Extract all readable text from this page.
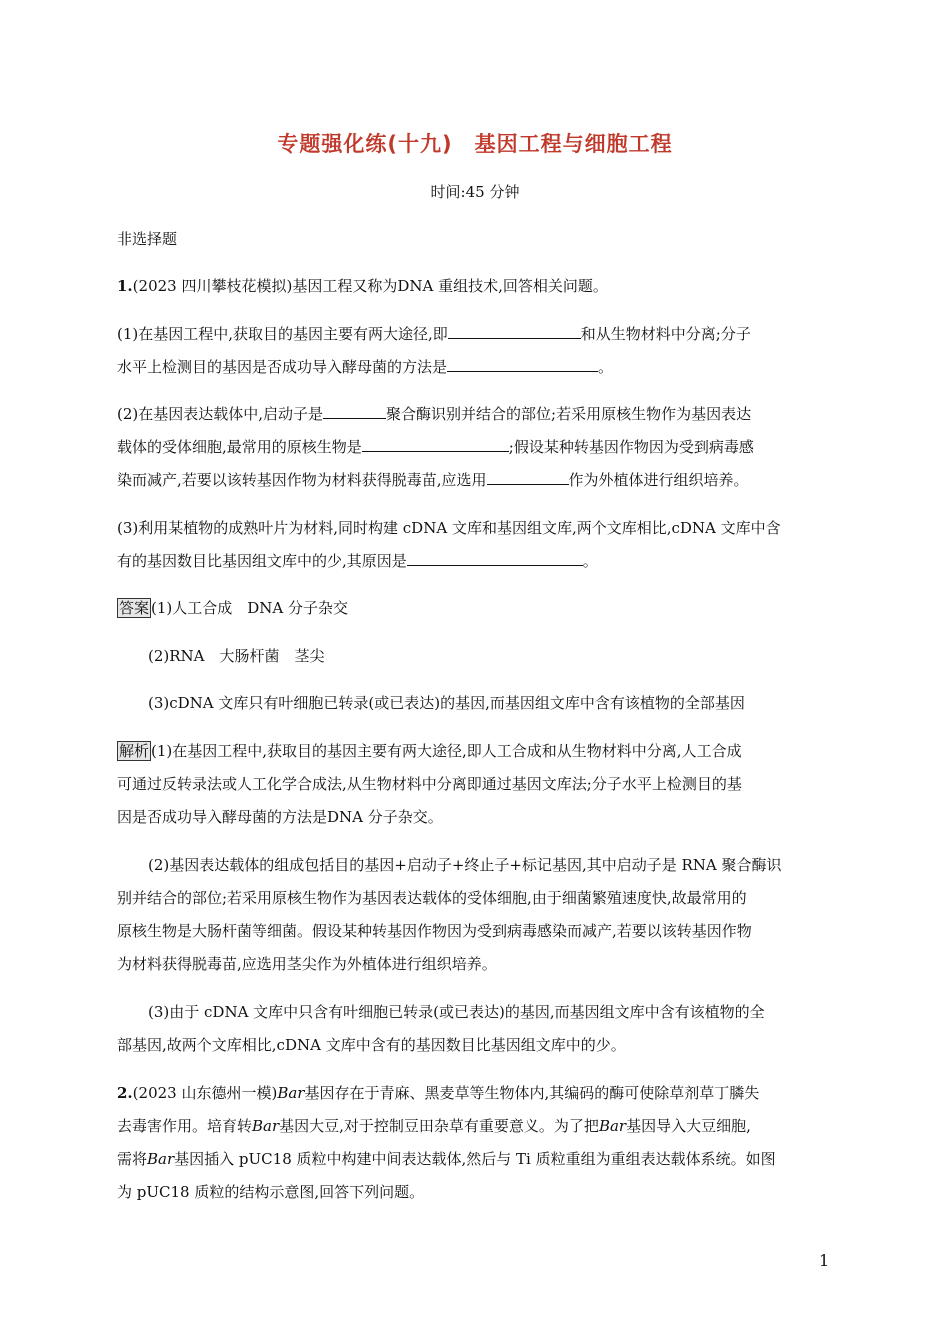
专题强化练(十九)　基因工程与细胞工程
时间:45 分钟
非选择题
1.(2023 四川攀枝花模拟)基因工程又称为DNA 重组技术,回答相关问题。
(1)在基因工程中,获取目的基因主要有两大途径,即	和从生物材料中分离;分子
水平上检测目的基因是否成功导入酵母菌的方法是	。
(2)在基因表达载体中,启动子是	聚合酶识别并结合的部位;若采用原核生物作为基因表达
载体的受体细胞,最常用的原核生物是	;假设某种转基因作物因为受到病毒感
染而减产,若要以该转基因作物为材料获得脱毒苗,应选用	作为外植体进行组织培养。
(3)利用某植物的成熟叶片为材料,同时构建 cDNA 文库和基因组文库,两个文库相比,cDNA 文库中含
有的基因数目比基因组文库中的少,其原因是	。
答案 (1)人工合成　DNA 分子杂交
(2)RNA　大肠杆菌　茎尖
(3)cDNA 文库只有叶细胞已转录(或已表达)的基因,而基因组文库中含有该植物的全部基因
解析 (1)在基因工程中,获取目的基因主要有两大途径,即人工合成和从生物材料中分离,人工合成
可通过反转录法或人工化学合成法,从生物材料中分离即通过基因文库法;分子水平上检测目的基
因是否成功导入酵母菌的方法是DNA 分子杂交。
(2)基因表达载体的组成包括目的基因+启动子+终止子+标记基因,其中启动子是 RNA 聚合酶识
别并结合的部位;若采用原核生物作为基因表达载体的受体细胞,由于细菌繁殖速度快,故最常用的
原核生物是大肠杆菌等细菌。假设某种转基因作物因为受到病毒感染而减产,若要以该转基因作物
为材料获得脱毒苗,应选用茎尖作为外植体进行组织培养。
(3)由于 cDNA 文库中只含有叶细胞已转录(或已表达)的基因,而基因组文库中含有该植物的全
部基因,故两个文库相比,cDNA 文库中含有的基因数目比基因组文库中的少。
2.(2023 山东德州一模)Bar基因存在于青麻、黑麦草等生物体内,其编码的酶可使除草剂草丁膦失
去毒害作用。培育转Bar基因大豆,对于控制豆田杂草有重要意义。为了把Bar基因导入大豆细胞,
需将Bar基因插入 pUC18 质粒中构建中间表达载体,然后与 Ti 质粒重组为重组表达载体系统。如图
为 pUC18 质粒的结构示意图,回答下列问题。
1
